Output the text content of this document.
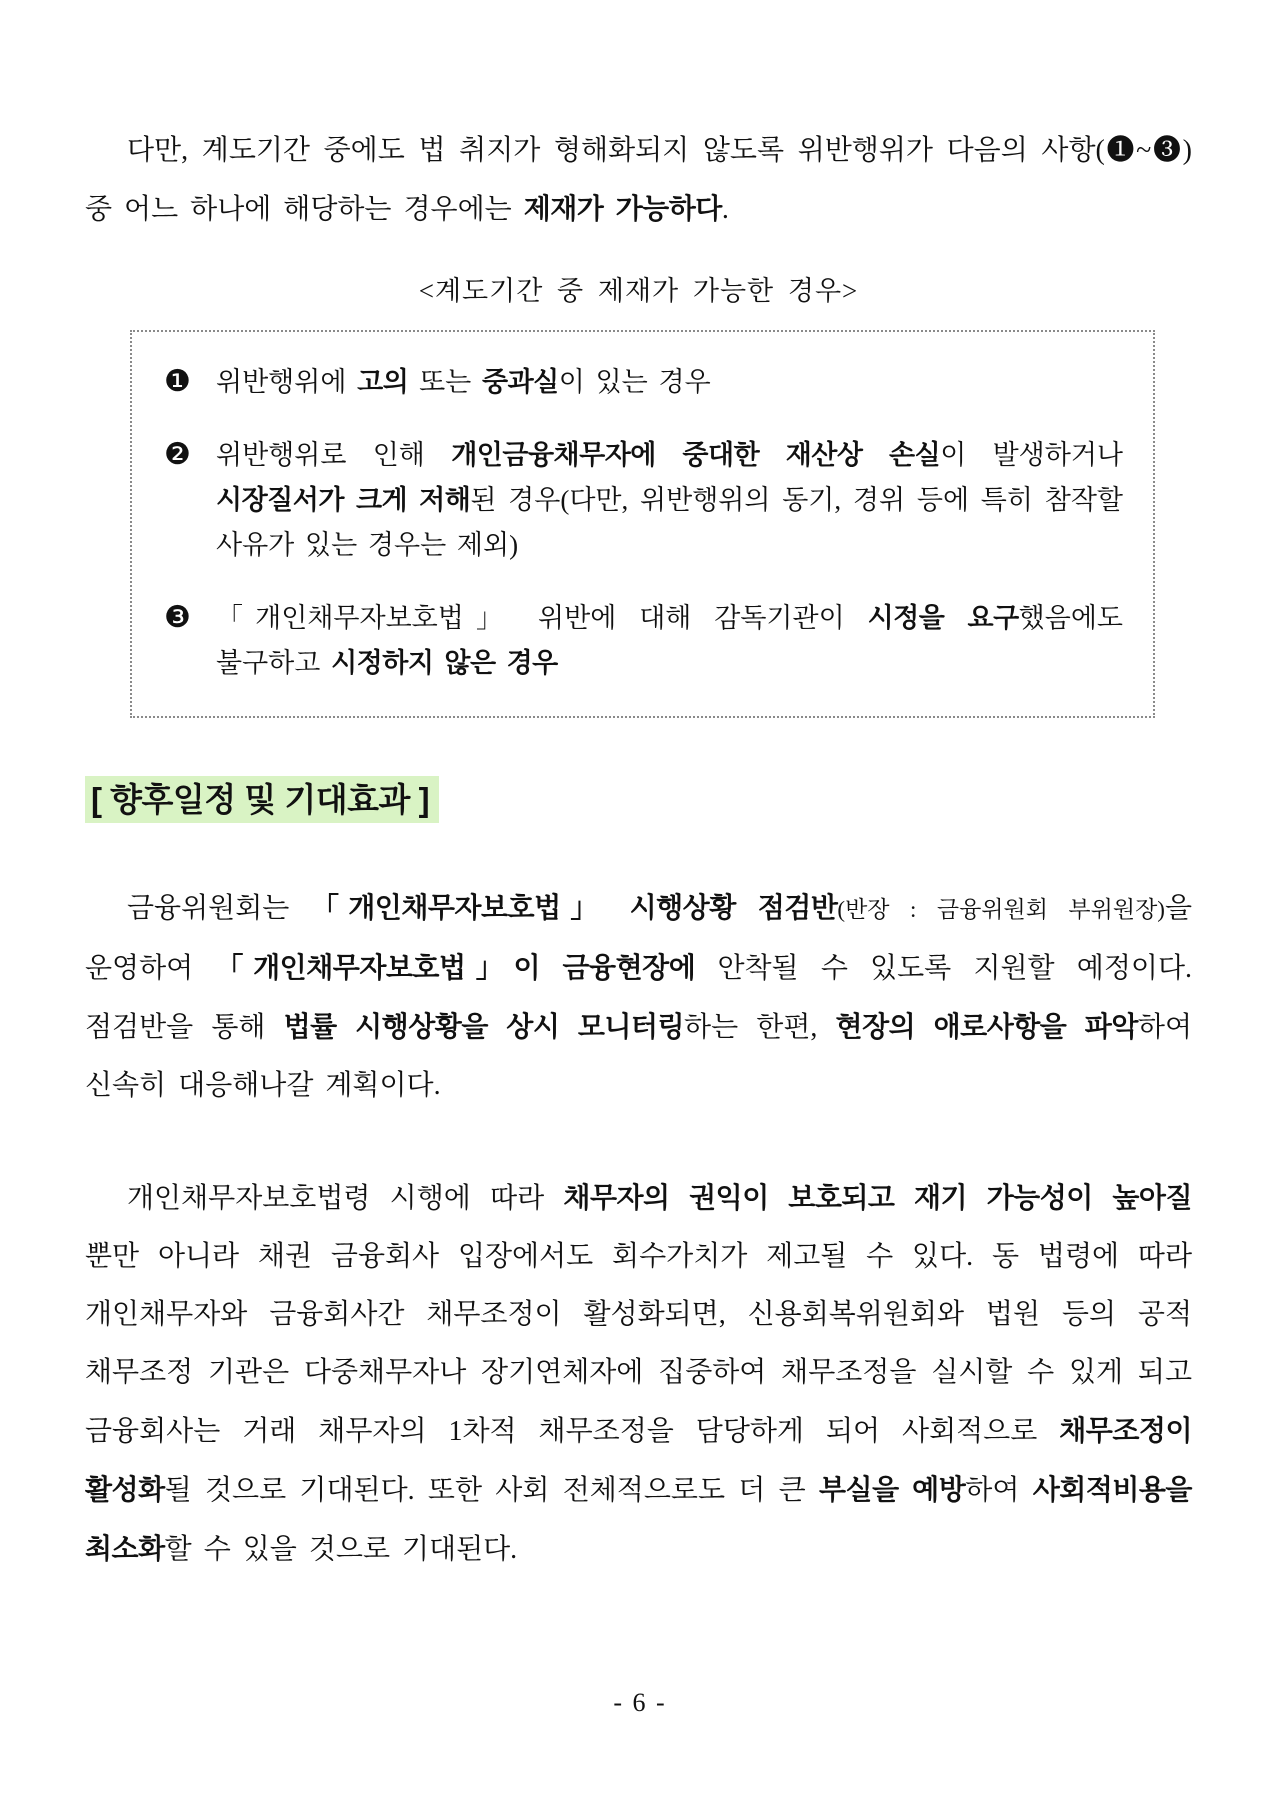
다만, 계도기간 중에도 법 취지가 형해화되지 않도록 위반행위가 다음의 사항(❶~❸) 중 어느 하나에 해당하는 경우에는 제재가 가능하다.

<계도기간 중 제재가 가능한 경우>
❶ 위반행위에 고의 또는 중과실이 있는 경우
❷ 위반행위로 인해 개인금융채무자에 중대한 재산상 손실이 발생하거나 시장질서가 크게 저해된 경우(다만, 위반행위의 동기, 경위 등에 특히 참작할 사유가 있는 경우는 제외)
❸ 「개인채무자보호법」 위반에 대해 감독기관이 시정을 요구했음에도 불구하고 시정하지 않은 경우
[ 향후일정 및 기대효과 ]

금융위원회는 「개인채무자보호법」 시행상황 점검반(반장 : 금융위원회 부위원장)을 운영하여 「개인채무자보호법」이 금융현장에 안착될 수 있도록 지원할 예정이다. 점검반을 통해 법률 시행상황을 상시 모니터링하는 한편, 현장의 애로사항을 파악하여 신속히 대응해나갈 계획이다.

개인채무자보호법령 시행에 따라 채무자의 권익이 보호되고 재기 가능성이 높아질 뿐만 아니라 채권 금융회사 입장에서도 회수가치가 제고될 수 있다. 동 법령에 따라 개인채무자와 금융회사간 채무조정이 활성화되면, 신용회복위원회와 법원 등의 공적 채무조정 기관은 다중채무자나 장기연체자에 집중하여 채무조정을 실시할 수 있게 되고 금융회사는 거래 채무자의 1차적 채무조정을 담당하게 되어 사회적으로 채무조정이 활성화될 것으로 기대된다. 또한 사회 전체적으로도 더 큰 부실을 예방하여 사회적비용을 최소화할 수 있을 것으로 기대된다.

- 6 -
